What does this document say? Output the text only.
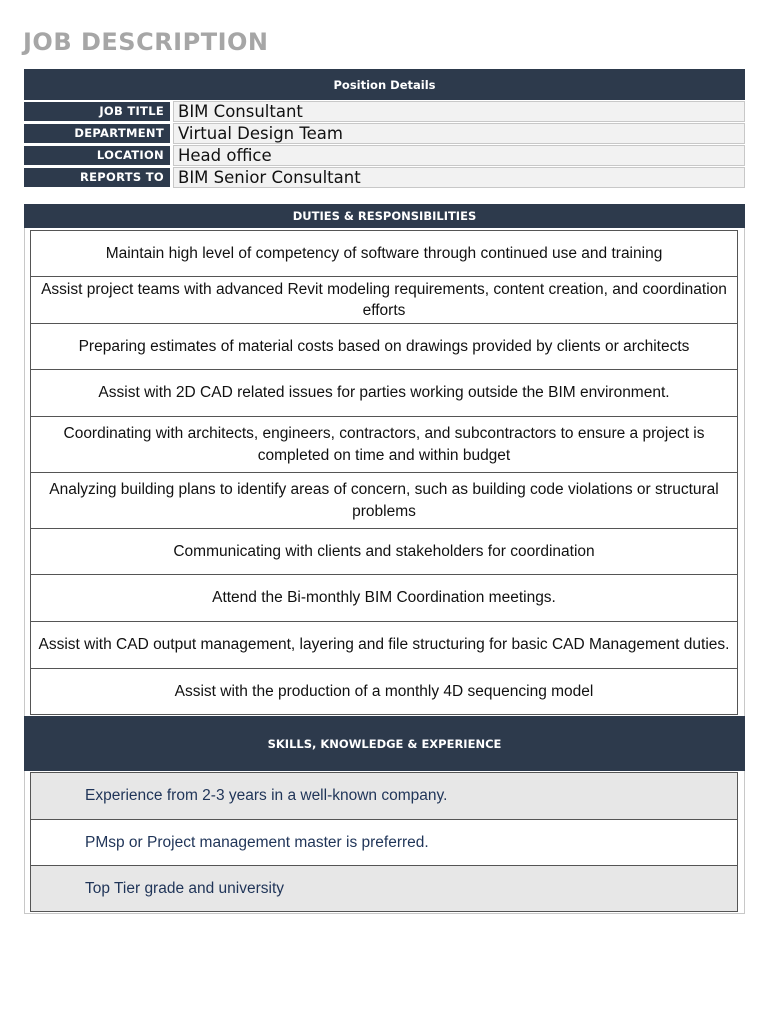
JOB DESCRIPTION
Position Details
JOB TITLE BIM Consultant
DEPARTMENT Virtual Design Team
LOCATION Head office
REPORTS TO BIM Senior Consultant
DUTIES & RESPONSIBILITIES
Maintain high level of competency of software through continued use and training
Assist project teams with advanced Revit modeling requirements, content creation, and coordination efforts
Preparing estimates of material costs based on drawings provided by clients or architects
Assist with 2D CAD related issues for parties working outside the BIM environment.
Coordinating with architects, engineers, contractors, and subcontractors to ensure a project is completed on time and within budget
Analyzing building plans to identify areas of concern, such as building code violations or structural problems
Communicating with clients and stakeholders for coordination
Attend the Bi-monthly BIM Coordination meetings.
Assist with CAD output management, layering and file structuring for basic CAD Management duties.
Assist with the production of a monthly 4D sequencing model
SKILLS, KNOWLEDGE & EXPERIENCE
Experience from 2-3 years in a well-known company.
PMsp or Project management master is preferred.
Top Tier grade and university
